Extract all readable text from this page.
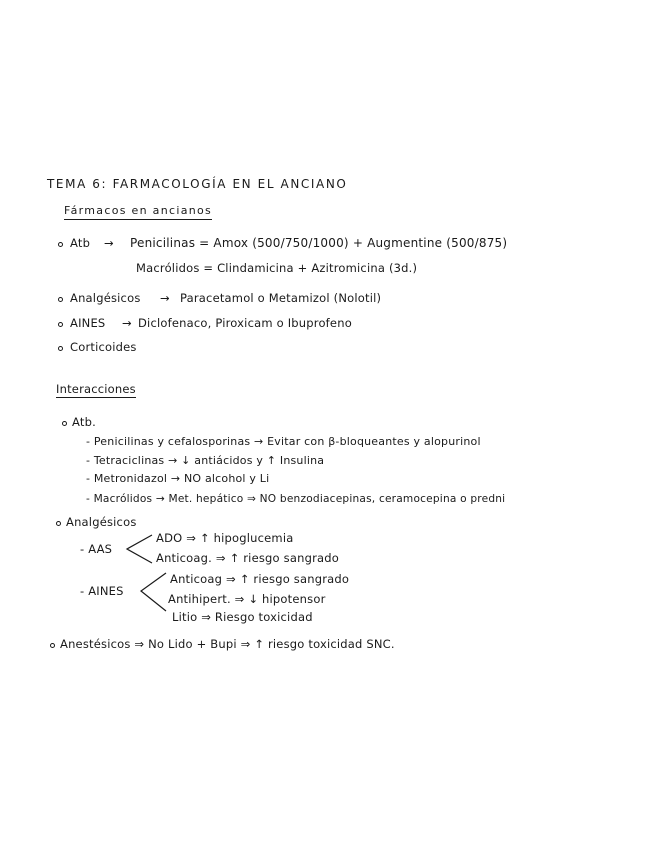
TEMA 6: FARMACOLOGÍA EN EL ANCIANO
Fármacos en ancianos
Atb → Penicilinas = Amox (500/750/1000) + Augmentine (500/875)
Macrólidos = Clindamicina + Azitromicina (3d.)
Analgésicos → Paracetamol o Metamizol (Nolotil)
AINES → Diclofenaco, Piroxicam o Ibuprofeno
Corticoides
Interacciones
Atb.
- Penicilinas y cefalosporinas → Evitar con β-bloqueantes y alopurinol
- Tetraciclinas → ↓ antiácidos y ↑ Insulina
- Metronidazol → NO alcohol y Li
- Macrólidos → Met. hepático ⇒ NO benzodiacepinas, ceramocepina o predni
Analgésicos
- AAS
ADO ⇒ ↑ hipoglucemia
Anticoag. ⇒ ↑ riesgo sangrado
- AINES
Anticoag ⇒ ↑ riesgo sangrado
Antihipert. ⇒ ↓ hipotensor
Litio ⇒ Riesgo toxicidad
Anestésicos ⇒ No Lido + Bupi ⇒ ↑ riesgo toxicidad SNC.
